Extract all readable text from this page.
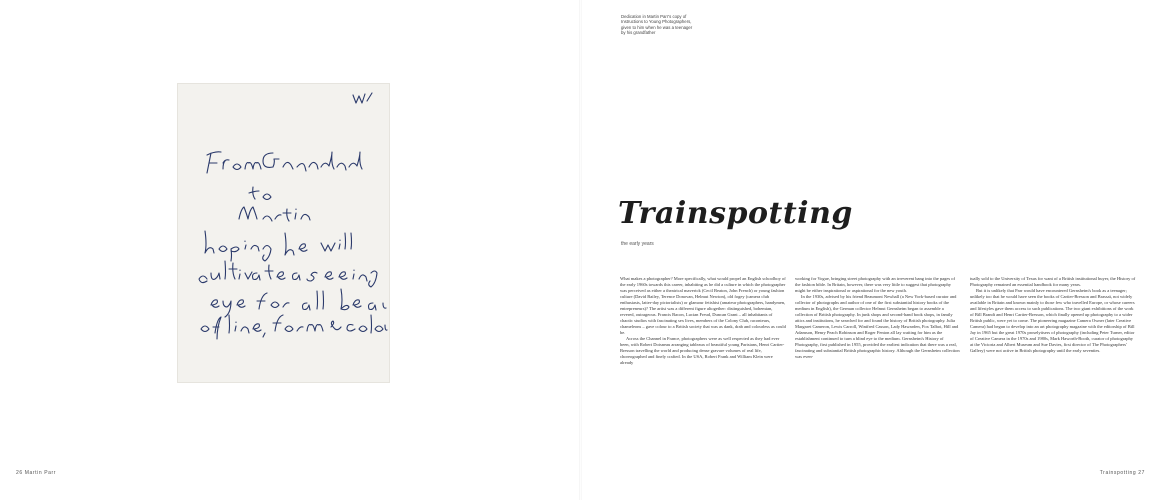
26 Martin Parr
Dedication in Martin Parr's copy of
Instructions to Young Photographers,
given to him when he was a teenager
by his grandfather
Trainspotting
the early years

What makes a photographer? More specifically, what would propel an English schoolboy of the early 1960s towards this career, inhabiting as he did a culture in which the photographer was perceived as either a theatrical maverick (Cecil Beaton, John French) or young fashion culture (David Bailey, Terence Donovan, Helmut Newton), old fogey (camera club enthusiasts, latter-day pictorialists) or glamour fetishist (amateur photographers, handymen, entrepreneurs)? The artist was a different figure altogether: distinguished, bohemian, revered, outrageous. Francis Bacon, Lucian Freud, Duncan Grant – all inhabitants of chaotic studios with fascinating sex lives, members of the Colony Club, raconteurs, chameleons – gave colour to a British society that was as dank, drab and colourless as could be.

Across the Channel in France, photographers were as well respected as they had ever been, with Robert Doisneau arranging tableaux of beautiful young Parisians, Henri Cartier-Bresson travelling the world and producing dense gravure volumes of real life, choreographed and finely crafted. In the USA, Robert Frank and William Klein were already

working for Vogue, bringing street photography with an irreverent bang into the pages of the fashion bible. In Britain, however, there was very little to suggest that photography might be either inspirational or aspirational for the new youth.

In the 1930s, advised by his friend Beaumont Newhall (a New York-based curator and collector of photographs and author of one of the first substantial history books of the medium in English), the German collector Helmut Gernsheim began to assemble a collection of British photography. In junk shops and second-hand book shops, in family attics and institutions, he searched for and found the history of British photography. Julia Margaret Cameron, Lewis Carroll, Winifred Casson, Lady Hawarden, Fox Talbot, Hill and Adamson, Henry Peach Robinson and Roger Fenton all lay waiting for him as the establishment continued to turn a blind eye to the medium. Gernsheim's History of Photography, first published in 1955, provided the earliest indication that there was a real, fascinating and substantial British photographic history. Although the Gernsheim collection was even-

tually sold to the University of Texas for want of a British institutional buyer, the History of Photography remained an essential handbook for many years.

But it is unlikely that Parr would have encountered Gernsheim's book as a teenager; unlikely too that he would have seen the books of Cartier-Bresson and Brassaï, not widely available in Britain and known mainly to those few who travelled Europe, or whose careers and lifestyles gave them access to such publications. The two giant exhibitions of the work of Bill Brandt and Henri Cartier-Bresson, which finally opened up photography to a wider British public, were yet to come. The pioneering magazine Camera Owner (later Creative Camera) had begun to develop into an art photography magazine with the editorship of Bill Jay in 1965 but the great 1970s proselytisers of photography (including Peter Turner, editor of Creative Camera in the 1970s and 1980s, Mark Haworth-Booth, curator of photography at the Victoria and Albert Museum and Sue Davies, first director of The Photographers' Gallery) were not active in British photography until the early seventies.

Trainspotting 27
